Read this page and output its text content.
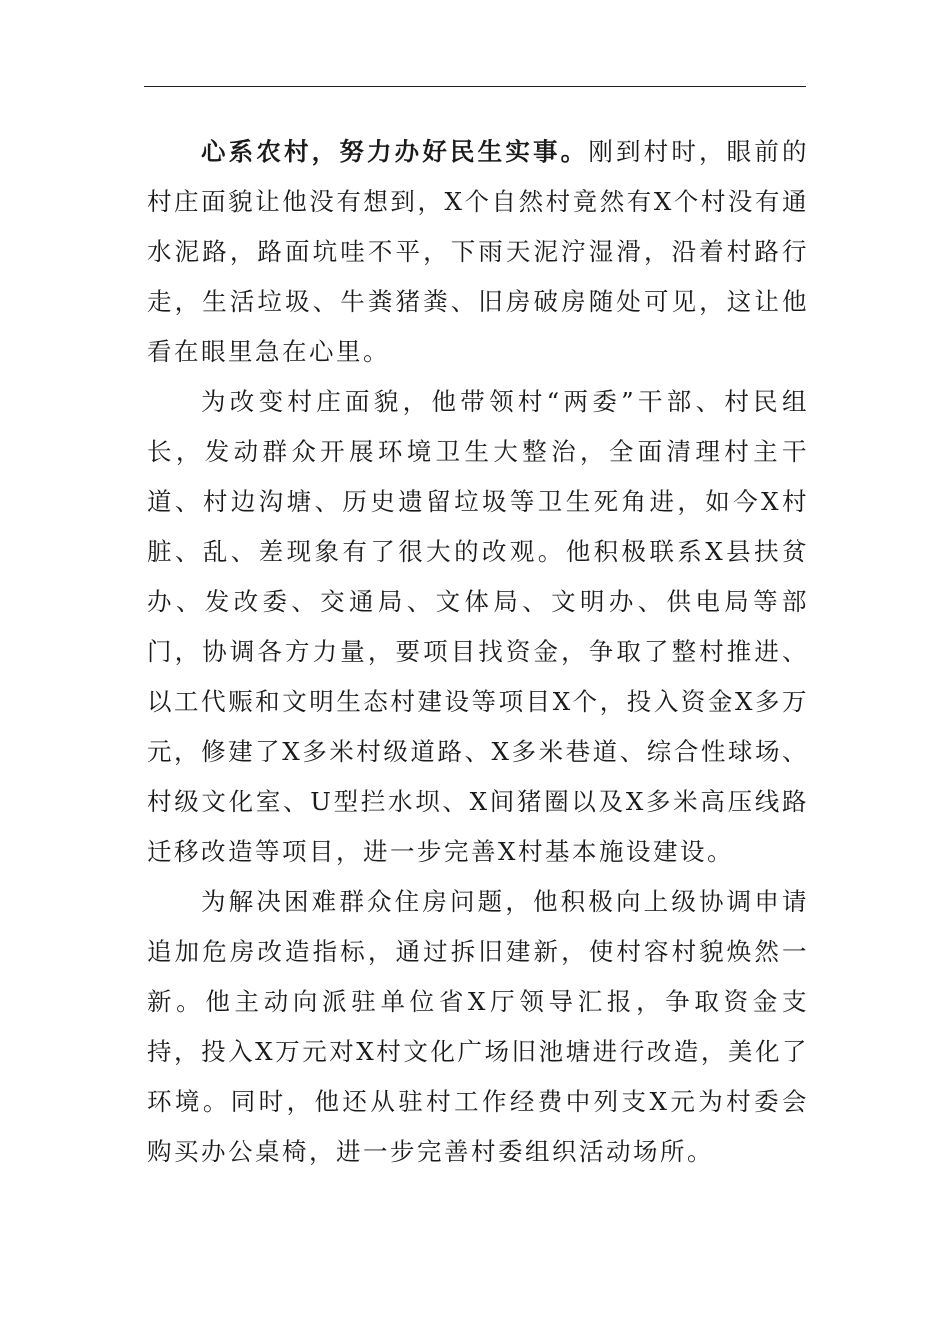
心系农村，努力办好民生实事。刚到村时，眼前的村庄面貌让他没有想到，X个自然村竟然有X个村没有通水泥路，路面坑哇不平，下雨天泥泞湿滑，沿着村路行走，生活垃圾、牛粪猪粪、旧房破房随处可见，这让他看在眼里急在心里。

为改变村庄面貌，他带领村“两委”干部、村民组长，发动群众开展环境卫生大整治，全面清理村主干道、村边沟塘、历史遗留垃圾等卫生死角进，如今X村脏、乱、差现象有了很大的改观。他积极联系X县扶贫办、发改委、交通局、文体局、文明办、供电局等部门，协调各方力量，要项目找资金，争取了整村推进、以工代赈和文明生态村建设等项目X个，投入资金X多万元，修建了X多米村级道路、X多米巷道、综合性球场、村级文化室、U型拦水坝、X间猪圈以及X多米高压线路迁移改造等项目，进一步完善X村基本施设建设。

为解决困难群众住房问题，他积极向上级协调申请追加危房改造指标，通过拆旧建新，使村容村貌焕然一新。他主动向派驻单位省X厅领导汇报，争取资金支持，投入X万元对X村文化广场旧池塘进行改造，美化了环境。同时，他还从驻村工作经费中列支X元为村委会购买办公桌椅，进一步完善村委组织活动场所。
